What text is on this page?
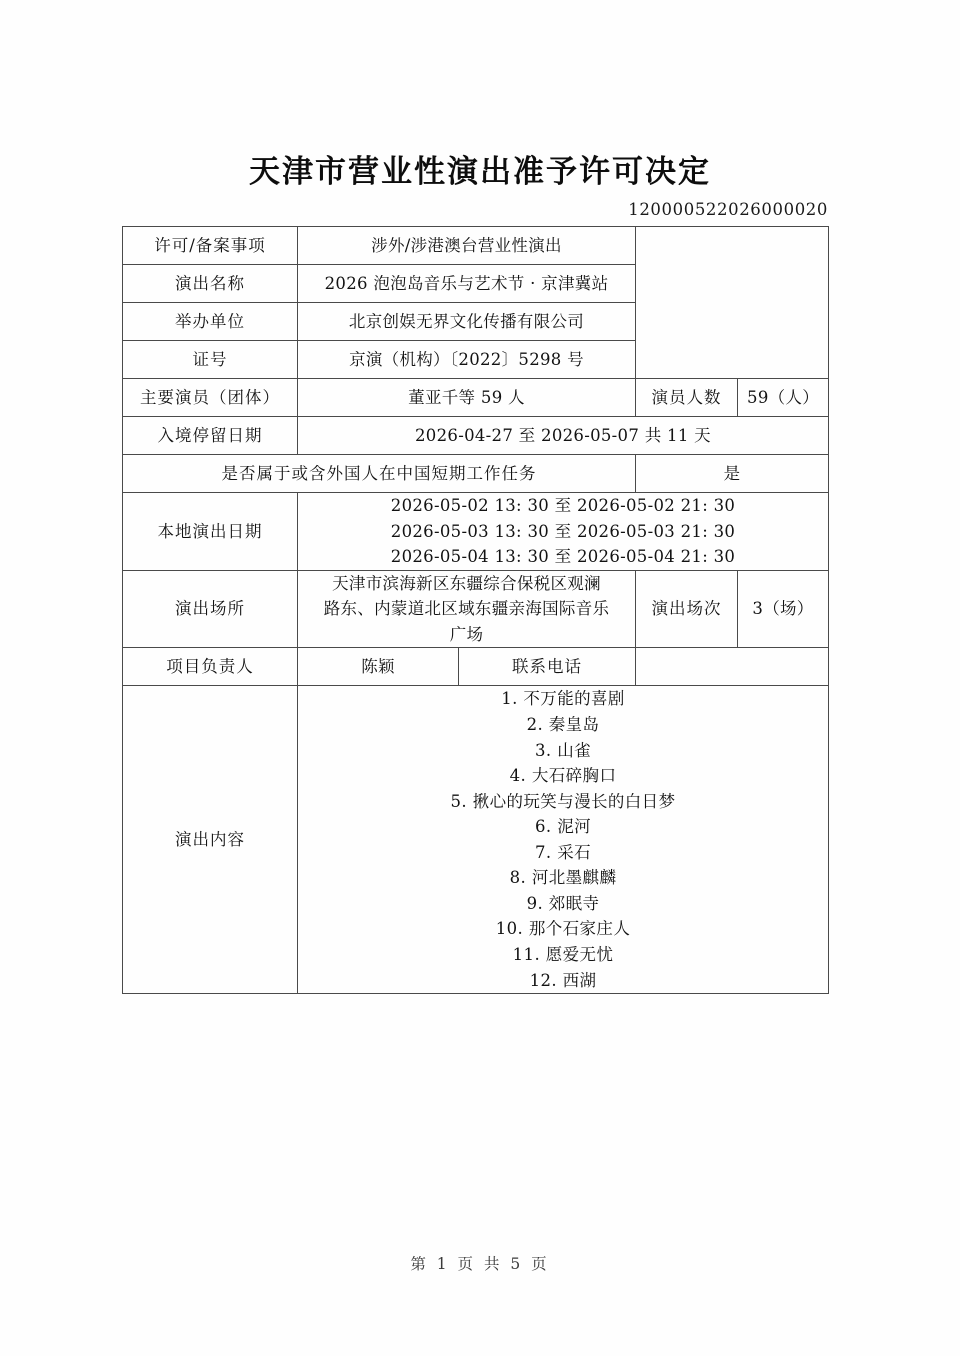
天津市营业性演出准予许可决定
120000522026000020
许可/备案事项	涉外/涉港澳台营业性演出			
演出名称	2026 泡泡岛音乐与艺术节 · 京津冀站			
举办单位	北京创娱无界文化传播有限公司			
证号	京演（机构）〔2022〕5298 号			
主要演员（团体）	董亚千等 59 人		演员人数	59（人）
入境停留日期	2026-04-27 至 2026-05-07 共 11 天			
是否属于或含外国人在中国短期工作任务			是	
本地演出日期	2026-05-02 13: 30 至 2026-05-02 21: 30
2026-05-03 13: 30 至 2026-05-03 21: 30
2026-05-04 13: 30 至 2026-05-04 21: 30			

演出场所	天津市滨海新区东疆综合保税区观澜
路东、内蒙道北区域东疆亲海国际音乐
广场		演出场次	3（场）
项目负责人	陈颖	联系电话		
演出内容	
1. 不万能的喜剧
2. 秦皇岛
3. 山雀
4. 大石碎胸口
5. 揪心的玩笑与漫长的白日梦
6. 泥河
7. 采石
8. 河北墨麒麟
9. 郊眠寺
10. 那个石家庄人
11. 愿爱无忧
12. 西湖
第 1 页 共 5 页
